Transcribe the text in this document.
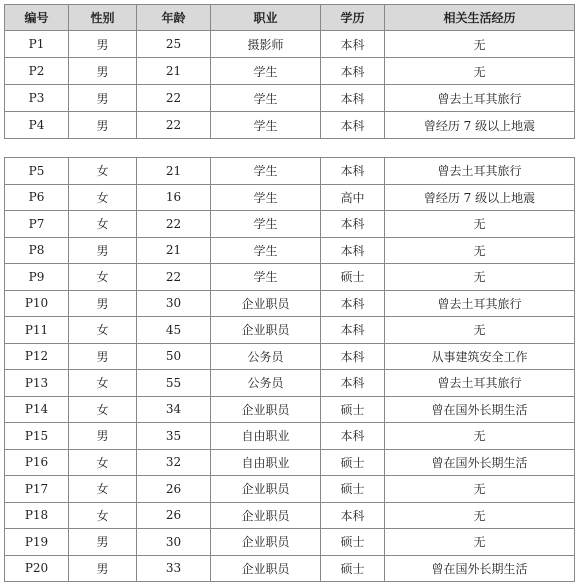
编号	性别	年龄	职业	学历	相关生活经历
P1	男	25	摄影师	本科	无
P2	男	21	学生	本科	无
P3	男	22	学生	本科	曾去土耳其旅行
P4	男	22	学生	本科	曾经历 7 级以上地震
P5	女	21	学生	本科	曾去土耳其旅行
P6	女	16	学生	高中	曾经历 7 级以上地震
P7	女	22	学生	本科	无
P8	男	21	学生	本科	无
P9	女	22	学生	硕士	无
P10	男	30	企业职员	本科	曾去土耳其旅行
P11	女	45	企业职员	本科	无
P12	男	50	公务员	本科	从事建筑安全工作
P13	女	55	公务员	本科	曾去土耳其旅行
P14	女	34	企业职员	硕士	曾在国外长期生活
P15	男	35	自由职业	本科	无
P16	女	32	自由职业	硕士	曾在国外长期生活
P17	女	26	企业职员	硕士	无
P18	女	26	企业职员	本科	无
P19	男	30	企业职员	硕士	无
P20	男	33	企业职员	硕士	曾在国外长期生活
